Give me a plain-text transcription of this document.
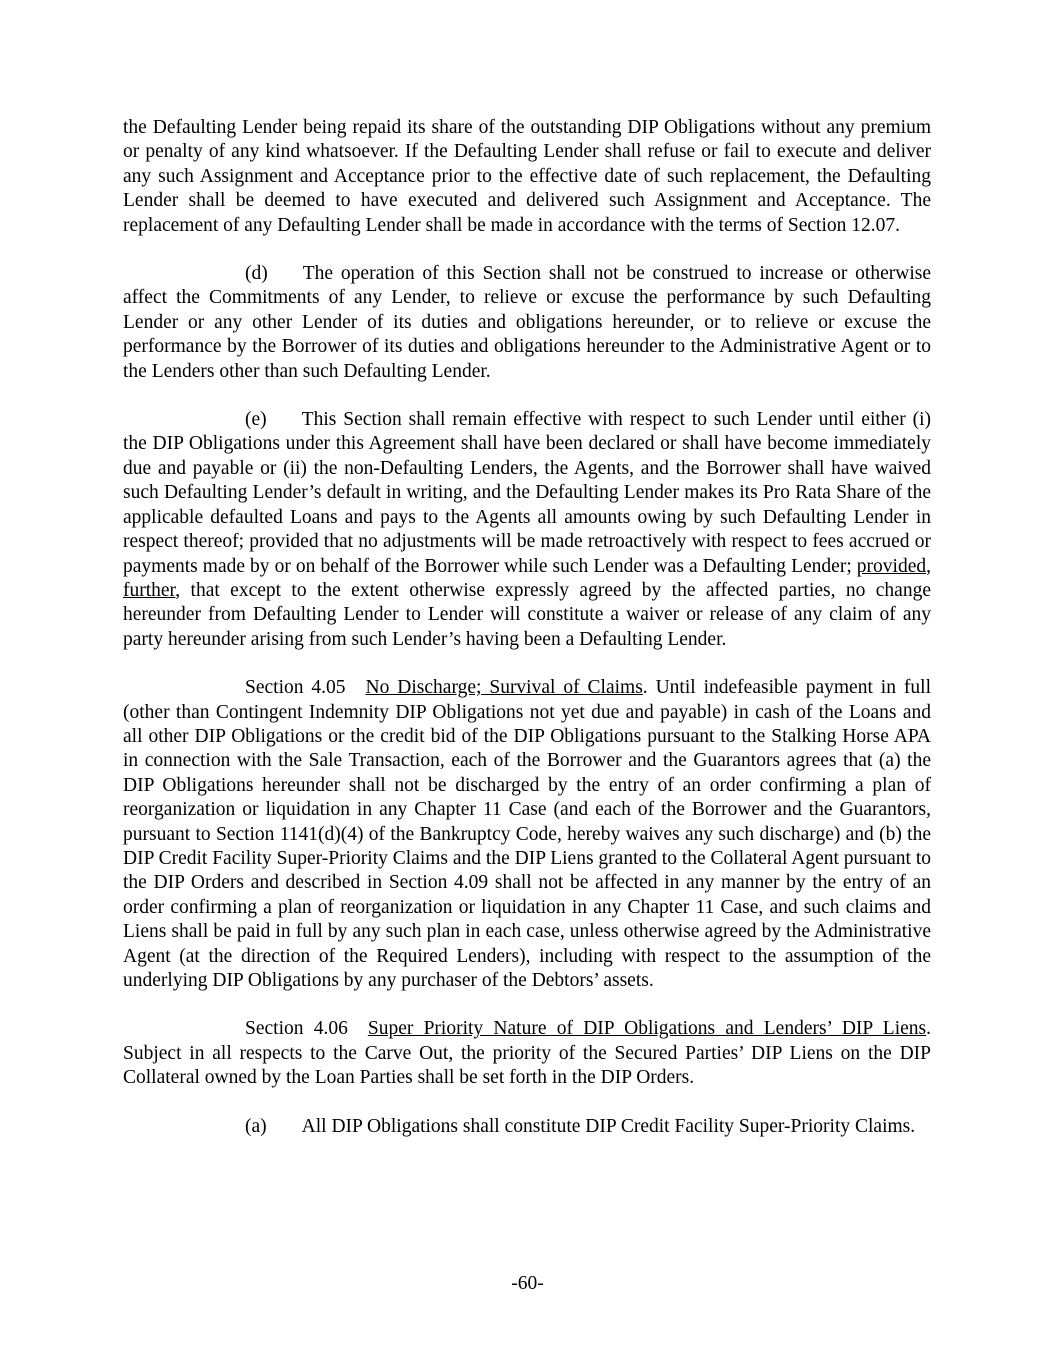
the Defaulting Lender being repaid its share of the outstanding DIP Obligations without any premium or penalty of any kind whatsoever. If the Defaulting Lender shall refuse or fail to execute and deliver any such Assignment and Acceptance prior to the effective date of such replacement, the Defaulting Lender shall be deemed to have executed and delivered such Assignment and Acceptance. The replacement of any Defaulting Lender shall be made in accordance with the terms of Section 12.07.

(d) The operation of this Section shall not be construed to increase or otherwise affect the Commitments of any Lender, to relieve or excuse the performance by such Defaulting Lender or any other Lender of its duties and obligations hereunder, or to relieve or excuse the performance by the Borrower of its duties and obligations hereunder to the Administrative Agent or to the Lenders other than such Defaulting Lender.

(e) This Section shall remain effective with respect to such Lender until either (i) the DIP Obligations under this Agreement shall have been declared or shall have become immediately due and payable or (ii) the non-Defaulting Lenders, the Agents, and the Borrower shall have waived such Defaulting Lender’s default in writing, and the Defaulting Lender makes its Pro Rata Share of the applicable defaulted Loans and pays to the Agents all amounts owing by such Defaulting Lender in respect thereof; provided that no adjustments will be made retroactively with respect to fees accrued or payments made by or on behalf of the Borrower while such Lender was a Defaulting Lender; provided, further, that except to the extent otherwise expressly agreed by the affected parties, no change hereunder from Defaulting Lender to Lender will constitute a waiver or release of any claim of any party hereunder arising from such Lender’s having been a Defaulting Lender.

Section 4.05 No Discharge; Survival of Claims. Until indefeasible payment in full (other than Contingent Indemnity DIP Obligations not yet due and payable) in cash of the Loans and all other DIP Obligations or the credit bid of the DIP Obligations pursuant to the Stalking Horse APA in connection with the Sale Transaction, each of the Borrower and the Guarantors agrees that (a) the DIP Obligations hereunder shall not be discharged by the entry of an order confirming a plan of reorganization or liquidation in any Chapter 11 Case (and each of the Borrower and the Guarantors, pursuant to Section 1141(d)(4) of the Bankruptcy Code, hereby waives any such discharge) and (b) the DIP Credit Facility Super-Priority Claims and the DIP Liens granted to the Collateral Agent pursuant to the DIP Orders and described in Section 4.09 shall not be affected in any manner by the entry of an order confirming a plan of reorganization or liquidation in any Chapter 11 Case, and such claims and Liens shall be paid in full by any such plan in each case, unless otherwise agreed by the Administrative Agent (at the direction of the Required Lenders), including with respect to the assumption of the underlying DIP Obligations by any purchaser of the Debtors’ assets.

Section 4.06 Super Priority Nature of DIP Obligations and Lenders’ DIP Liens. Subject in all respects to the Carve Out, the priority of the Secured Parties’ DIP Liens on the DIP Collateral owned by the Loan Parties shall be set forth in the DIP Orders.

(a) All DIP Obligations shall constitute DIP Credit Facility Super-Priority Claims.

-60-
